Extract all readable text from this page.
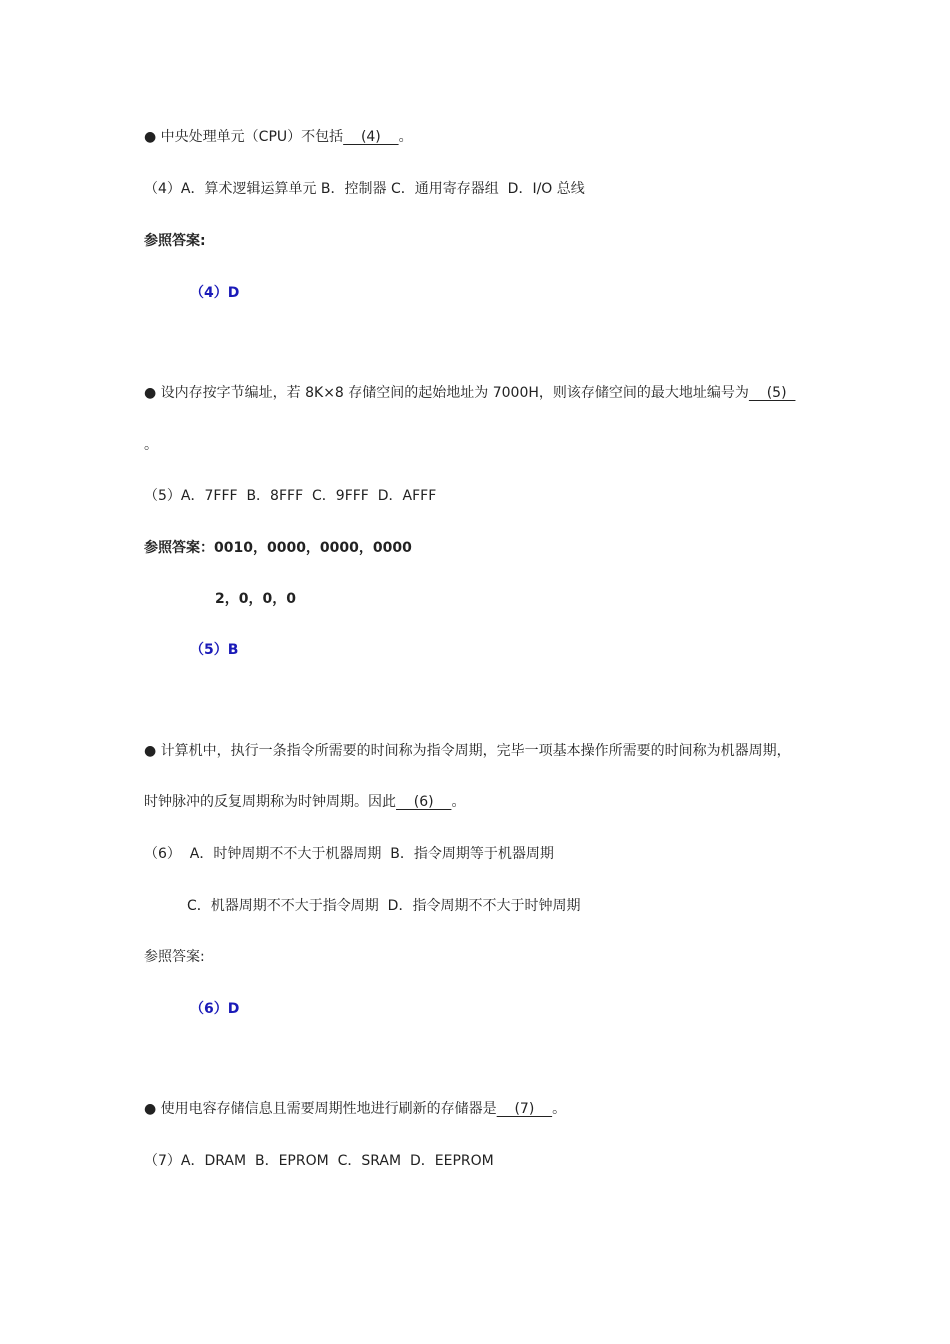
● 中央处理单元（CPU）不包括    (4)    。
（4）A．算术逻辑运算单元 B．控制器 C．通用寄存器组  D．I/O 总线
参照答案:
（4）D
● 设内存按字节编址，若 8K×8 存储空间的起始地址为 7000H，则该存储空间的最大地址编号为    (5)
。
（5）A．7FFF  B．8FFF  C．9FFF  D．AFFF
参照答案：0010，0000，0000，0000
2，0，0，0
（5）B
● 计算机中，执行一条指令所需要的时间称为指令周期，完毕一项基本操作所需要的时间称为机器周期，
时钟脉冲的反复周期称为时钟周期。因此    (6)    。
（6）  A．时钟周期不不大于机器周期  B．指令周期等于机器周期
C．机器周期不不大于指令周期  D．指令周期不不大于时钟周期
参照答案:
（6）D
● 使用电容存储信息且需要周期性地进行刷新的存储器是    (7)    。
（7）A．DRAM  B．EPROM  C．SRAM  D．EEPROM
